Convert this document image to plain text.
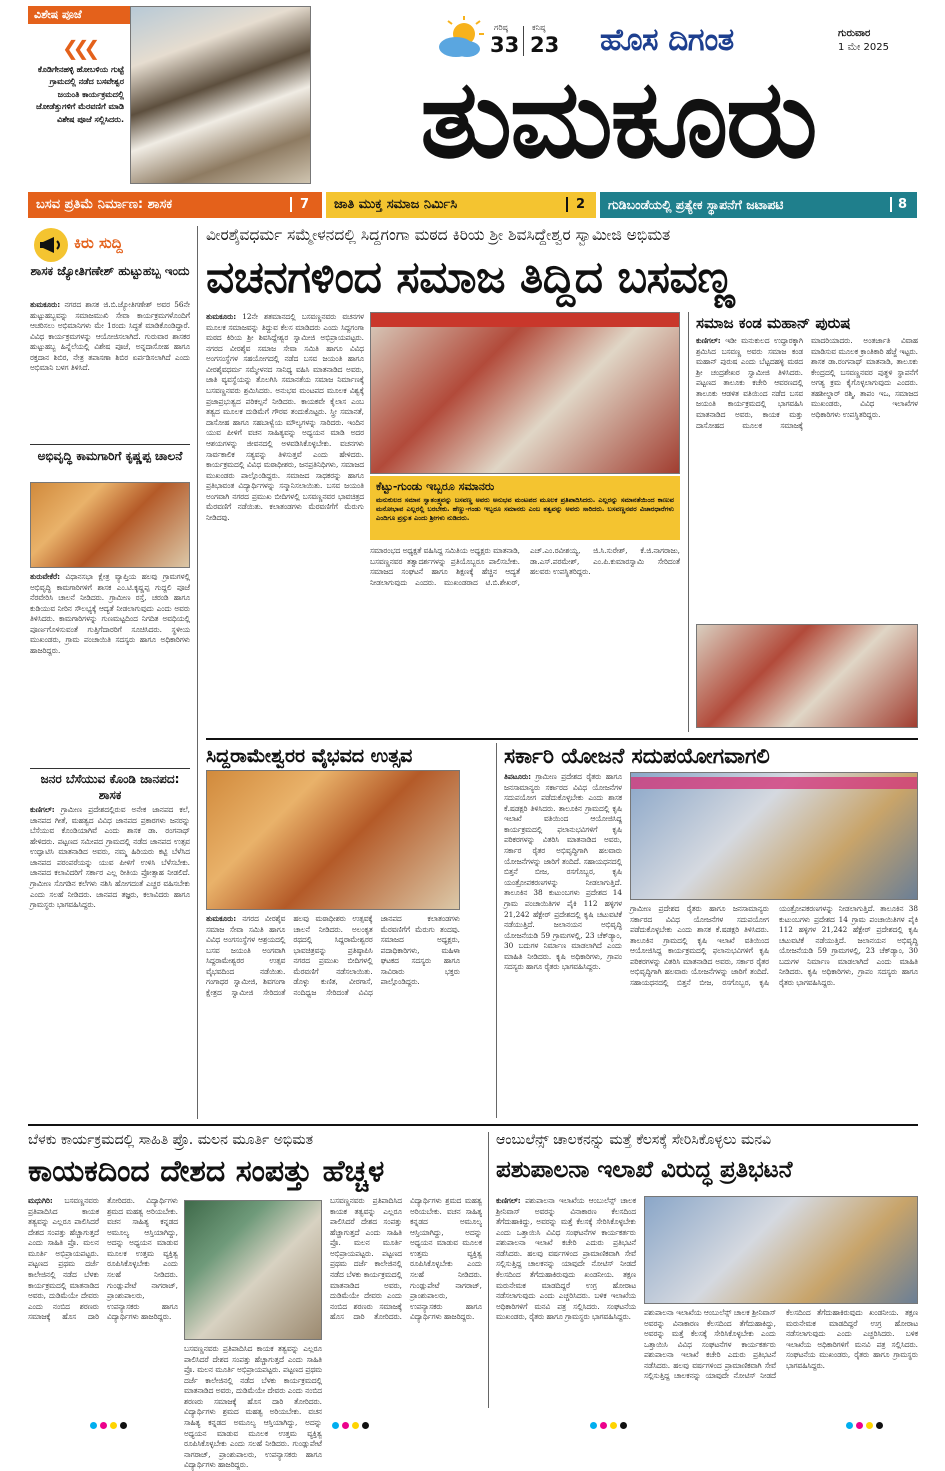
ವಿಶೇಷ ಪೂಜೆ
❮❮❮
ಕೊಡಿಗೇನಹಳ್ಳಿ ಹೋಬಳಿಯ ಗುಟ್ಟೆ ಗ್ರಾಮದಲ್ಲಿ ನಡೆದ ಬಸವೇಶ್ವರ ಜಯಂತಿ ಕಾರ್ಯಕ್ರಮದಲ್ಲಿ ಜೋಡೆತ್ತುಗಳಿಗೆ ಮೆರವಣಿಗೆ ಮಾಡಿ ವಿಶೇಷ ಪೂಜೆ ಸಲ್ಲಿಸಿದರು.
ಗರಿಷ್ಠ
33
ಕನಿಷ್ಠ
23 ಹೊಸ ದಿಗಂತ	ಗುರುವಾರ
1 ಮೇ 2025
ತುಮಕೂರು
ಬಸವ ಪ್ರತಿಮೆ ನಿರ್ಮಾಣ: ಶಾಸಕ	7 ಜಾತಿ ಮುಕ್ತ ಸಮಾಜ ನಿರ್ಮಿಸಿ	2 ಗುಡಿಬಂಡೆಯಲ್ಲಿ ಪ್ರತ್ಯೇಕ ಸ್ಥಾಪನೆಗೆ ಜಟಾಪಟಿ	8
ಕಿರು ಸುದ್ದಿ
ಶಾಸಕ ಜ್ಯೋತಿಗಣೇಶ್ ಹುಟ್ಟುಹಬ್ಬ ಇಂದು
ತುಮಕೂರು: ನಗರದ ಶಾಸಕ ಜಿ.ಬಿ.ಜ್ಯೋತಿಗಣೇಶ್ ಅವರ 56ನೇ ಹುಟ್ಟುಹಬ್ಬವನ್ನು ಸಮಾಜಮುಖಿ ಸೇವಾ ಕಾರ್ಯಕ್ರಮಗಳೊಂದಿಗೆ ಆಚರಿಸಲು ಅಭಿಮಾನಿಗಳು ಮೇ 1ರಂದು ಸಿದ್ಧತೆ ಮಾಡಿಕೊಂಡಿದ್ದಾರೆ. ವಿವಿಧ ಕಾರ್ಯಕ್ರಮಗಳನ್ನು ಆಯೋಜಿಸಲಾಗಿದೆ. ಗುರುವಾರ ಶಾಸಕರ ಹುಟ್ಟುಹಬ್ಬ ಹಿನ್ನೆಲೆಯಲ್ಲಿ ವಿಶೇಷ ಪೂಜೆ, ಅನ್ನದಾಸೋಹ ಹಾಗೂ ರಕ್ತದಾನ ಶಿಬಿರ, ನೇತ್ರ ತಪಾಸಣಾ ಶಿಬಿರ ಏರ್ಪಡಿಸಲಾಗಿದೆ ಎಂದು ಅಭಿಮಾನಿ ಬಳಗ ತಿಳಿಸಿದೆ.
ಅಭಿವೃದ್ಧಿ ಕಾಮಗಾರಿಗೆ ಕೃಷ್ಣಪ್ಪ ಚಾಲನೆ
ತುರುವೇಕೆರೆ: ವಿಧಾನಸಭಾ ಕ್ಷೇತ್ರ ವ್ಯಾಪ್ತಿಯ ಹಲವು ಗ್ರಾಮಗಳಲ್ಲಿ ಅಭಿವೃದ್ಧಿ ಕಾಮಗಾರಿಗಳಿಗೆ ಶಾಸಕ ಎಂ.ಟಿ.ಕೃಷ್ಣಪ್ಪ ಗುದ್ದಲಿ ಪೂಜೆ ನೆರವೇರಿಸಿ ಚಾಲನೆ ನೀಡಿದರು. ಗ್ರಾಮೀಣ ರಸ್ತೆ, ಚರಂಡಿ ಹಾಗೂ ಕುಡಿಯುವ ನೀರಿನ ಸೌಲಭ್ಯಕ್ಕೆ ಆದ್ಯತೆ ನೀಡಲಾಗುವುದು ಎಂದು ಅವರು ತಿಳಿಸಿದರು. ಕಾಮಗಾರಿಗಳನ್ನು ಗುಣಮಟ್ಟದಿಂದ ನಿಗದಿತ ಅವಧಿಯಲ್ಲಿ ಪೂರ್ಣಗೊಳಿಸುವಂತೆ ಗುತ್ತಿಗೆದಾರರಿಗೆ ಸೂಚಿಸಿದರು. ಸ್ಥಳೀಯ ಮುಖಂಡರು, ಗ್ರಾಮ ಪಂಚಾಯಿತಿ ಸದಸ್ಯರು ಹಾಗೂ ಅಧಿಕಾರಿಗಳು ಹಾಜರಿದ್ದರು.
ಜನರ ಬೆಸೆಯುವ ಕೊಂಡಿ ಜಾನಪದ: ಶಾಸಕ
ಕುಣಿಗಲ್: ಗ್ರಾಮೀಣ ಪ್ರದೇಶದಲ್ಲಿರುವ ಅನೇಕ ಜಾನಪದ ಕಲೆ, ಜಾನಪದ ಗೀತೆ, ಮಹತ್ವದ ವಿವಿಧ ಜಾನಪದ ಪ್ರಕಾರಗಳು ಜನರನ್ನು ಬೆಸೆಯುವ ಕೊಂಡಿಯಾಗಿವೆ ಎಂದು ಶಾಸಕ ಡಾ. ರಂಗನಾಥ್ ಹೇಳಿದರು. ಪಟ್ಟಣದ ಸಮೀಪದ ಗ್ರಾಮದಲ್ಲಿ ನಡೆದ ಜಾನಪದ ಉತ್ಸವ ಉದ್ಘಾಟಿಸಿ ಮಾತನಾಡಿದ ಅವರು, ನಮ್ಮ ಹಿರಿಯರು ಕಟ್ಟಿ ಬೆಳೆಸಿದ ಜಾನಪದ ಪರಂಪರೆಯನ್ನು ಯುವ ಪೀಳಿಗೆ ಉಳಿಸಿ ಬೆಳೆಸಬೇಕು. ಜಾನಪದ ಕಲಾವಿದರಿಗೆ ಸರ್ಕಾರ ಎಲ್ಲ ರೀತಿಯ ಪ್ರೋತ್ಸಾಹ ನೀಡಲಿದೆ. ಗ್ರಾಮೀಣ ಸೊಗಡಿನ ಕಲೆಗಳು ನಶಿಸಿ ಹೋಗದಂತೆ ಎಚ್ಚರ ವಹಿಸಬೇಕು ಎಂದು ಸಲಹೆ ನೀಡಿದರು. ಜಾನಪದ ತಜ್ಞರು, ಕಲಾವಿದರು ಹಾಗೂ ಗ್ರಾಮಸ್ಥರು ಭಾಗವಹಿಸಿದ್ದರು.
ವೀರಶೈವಧರ್ಮ ಸಮ್ಮೇಳನದಲ್ಲಿ ಸಿದ್ದಗಂಗಾ ಮಠದ ಕಿರಿಯ ಶ್ರೀ ಶಿವಸಿದ್ದೇಶ್ವರ ಸ್ವಾಮೀಜಿ ಅಭಿಮತ
ವಚನಗಳಿಂದ ಸಮಾಜ ತಿದ್ದಿದ ಬಸವಣ್ಣ
ತುಮಕೂರು: 12ನೇ ಶತಮಾನದಲ್ಲಿ ಬಸವಣ್ಣನವರು ವಚನಗಳ ಮೂಲಕ ಸಮಾಜವನ್ನು ತಿದ್ದುವ ಕೆಲಸ ಮಾಡಿದರು ಎಂದು ಸಿದ್ದಗಂಗಾ ಮಠದ ಕಿರಿಯ ಶ್ರೀ ಶಿವಸಿದ್ದೇಶ್ವರ ಸ್ವಾಮೀಜಿ ಅಭಿಪ್ರಾಯಪಟ್ಟರು. ನಗರದ ವೀರಶೈವ ಸಮಾಜ ಸೇವಾ ಸಮಿತಿ ಹಾಗೂ ವಿವಿಧ ಅಂಗಸಂಸ್ಥೆಗಳ ಸಹಯೋಗದಲ್ಲಿ ನಡೆದ ಬಸವ ಜಯಂತಿ ಹಾಗೂ ವೀರಶೈವಧರ್ಮ ಸಮ್ಮೇಳನದ ಸಾನಿಧ್ಯ ವಹಿಸಿ ಮಾತನಾಡಿದ ಅವರು, ಜಾತಿ ವ್ಯವಸ್ಥೆಯನ್ನು ತೊಲಗಿಸಿ ಸಮಾನತೆಯ ಸಮಾಜ ನಿರ್ಮಾಣಕ್ಕೆ ಬಸವಣ್ಣನವರು ಶ್ರಮಿಸಿದರು. ಅನುಭವ ಮಂಟಪದ ಮೂಲಕ ವಿಶ್ವಕ್ಕೆ ಪ್ರಜಾಪ್ರಭುತ್ವದ ಪರಿಕಲ್ಪನೆ ನೀಡಿದರು. ಕಾಯಕವೇ ಕೈಲಾಸ ಎಂಬ ತತ್ವದ ಮೂಲಕ ದುಡಿಮೆಗೆ ಗೌರವ ತಂದುಕೊಟ್ಟರು. ಸ್ತ್ರೀ ಸಮಾನತೆ, ದಾಸೋಹ ಹಾಗೂ ಸಹಬಾಳ್ವೆಯ ಮೌಲ್ಯಗಳನ್ನು ಸಾರಿದರು. ಇಂದಿನ ಯುವ ಪೀಳಿಗೆ ವಚನ ಸಾಹಿತ್ಯವನ್ನು ಅಧ್ಯಯನ ಮಾಡಿ ಅದರ ಆಶಯಗಳನ್ನು ಜೀವನದಲ್ಲಿ ಅಳವಡಿಸಿಕೊಳ್ಳಬೇಕು. ವಚನಗಳು ಸಾರ್ವಕಾಲಿಕ ಸತ್ಯವನ್ನು ತಿಳಿಸುತ್ತವೆ ಎಂದು ಹೇಳಿದರು. ಕಾರ್ಯಕ್ರಮದಲ್ಲಿ ವಿವಿಧ ಮಠಾಧೀಶರು, ಜನಪ್ರತಿನಿಧಿಗಳು, ಸಮಾಜದ ಮುಖಂಡರು ಪಾಲ್ಗೊಂಡಿದ್ದರು. ಸಮಾಜದ ಸಾಧಕರನ್ನು ಹಾಗೂ ಪ್ರತಿಭಾವಂತ ವಿದ್ಯಾರ್ಥಿಗಳನ್ನು ಸನ್ಮಾನಿಸಲಾಯಿತು. ಬಸವ ಜಯಂತಿ ಅಂಗವಾಗಿ ನಗರದ ಪ್ರಮುಖ ಬೀದಿಗಳಲ್ಲಿ ಬಸವಣ್ಣನವರ ಭಾವಚಿತ್ರದ ಮೆರವಣಿಗೆ ನಡೆಯಿತು. ಕಲಾತಂಡಗಳು ಮೆರವಣಿಗೆಗೆ ಮೆರುಗು ನೀಡಿದವು.
ಕೆಟ್ಟು-ಗುಂಡು ಇಬ್ಬರೂ ಸಮಾನರು
ಮನುಕುಲದ ಸಮಾನ ಸ್ವಾತಂತ್ರ್ಯವನ್ನು ಬಸವಣ್ಣ ಅವರು ಅನುಭವ ಮಂಟಪದ ಮೂಲಕ ಪ್ರತಿಪಾದಿಸಿದರು. ಎಲ್ಲರನ್ನು ಸಮಾನತೆಯಿಂದ ಕಾಣುವ ಮನೋಭಾವ ಎಲ್ಲರಲ್ಲಿ ಬರಬೇಕು. ಹೆಣ್ಣು-ಗಂಡು ಇಬ್ಬರೂ ಸಮಾನರು ಎಂಬ ತತ್ವವನ್ನು ಅವರು ಸಾರಿದರು. ಬಸವಣ್ಣನವರ ವಿಚಾರಧಾರೆಗಳು ಎಂದಿಗೂ ಪ್ರಸ್ತುತ ಎಂದು ಶ್ರೀಗಳು ನುಡಿದರು.
ಸಮಾರಂಭದ ಅಧ್ಯಕ್ಷತೆ ವಹಿಸಿದ್ದ ಸಮಿತಿಯ ಅಧ್ಯಕ್ಷರು ಮಾತನಾಡಿ, ಬಸವಣ್ಣನವರ ತತ್ವಾದರ್ಶಗಳನ್ನು ಪ್ರತಿಯೊಬ್ಬರೂ ಪಾಲಿಸಬೇಕು. ಸಮಾಜದ ಸಂಘಟನೆ ಹಾಗೂ ಶಿಕ್ಷಣಕ್ಕೆ ಹೆಚ್ಚಿನ ಆದ್ಯತೆ ನೀಡಲಾಗುವುದು ಎಂದರು. ಮುಖಂಡರಾದ ಟಿ.ಬಿ.ಶೇಖರ್, ಎಚ್.ಎಂ.ರವೀಶಯ್ಯ, ಜಿ.ಸಿ.ಸುರೇಶ್, ಕೆ.ಜಿ.ನಾಗರಾಜು, ಡಾ.ಎಸ್.ಪರಮೇಶ್, ಎಂ.ಪಿ.ಕುಮಾರಸ್ವಾಮಿ ಸೇರಿದಂತೆ ಹಲವರು ಉಪಸ್ಥಿತರಿದ್ದರು.
ಸಮಾಜ ಕಂಡ ಮಹಾನ್ ಪುರುಷ
ಕುಣಿಗಲ್: ಇಡೀ ಮನುಕುಲದ ಉದ್ಧಾರಕ್ಕಾಗಿ ಶ್ರಮಿಸಿದ ಬಸವಣ್ಣ ಅವರು ಸಮಾಜ ಕಂಡ ಮಹಾನ್ ಪುರುಷ ಎಂದು ಬೆಟ್ಟದಹಳ್ಳಿ ಮಠದ ಶ್ರೀ ಚಂದ್ರಶೇಖರ ಸ್ವಾಮೀಜಿ ತಿಳಿಸಿದರು. ಪಟ್ಟಣದ ತಾಲೂಕು ಕಚೇರಿ ಆವರಣದಲ್ಲಿ ತಾಲೂಕು ಆಡಳಿತ ವತಿಯಿಂದ ನಡೆದ ಬಸವ ಜಯಂತಿ ಕಾರ್ಯಕ್ರಮದಲ್ಲಿ ಭಾಗವಹಿಸಿ ಮಾತನಾಡಿದ ಅವರು, ಕಾಯಕ ಮತ್ತು ದಾಸೋಹದ ಮೂಲಕ ಸಮಾಜಕ್ಕೆ ಮಾದರಿಯಾದರು. ಅಂತರ್ಜಾತಿ ವಿವಾಹ ಮಾಡಿಸುವ ಮೂಲಕ ಕ್ರಾಂತಿಕಾರಿ ಹೆಜ್ಜೆ ಇಟ್ಟರು. ಶಾಸಕ ಡಾ.ರಂಗನಾಥ್ ಮಾತನಾಡಿ, ತಾಲೂಕು ಕೇಂದ್ರದಲ್ಲಿ ಬಸವಣ್ಣನವರ ಪುತ್ಥಳಿ ಸ್ಥಾಪನೆಗೆ ಅಗತ್ಯ ಕ್ರಮ ಕೈಗೊಳ್ಳಲಾಗುವುದು ಎಂದರು. ತಹಶೀಲ್ದಾರ್ ರಶ್ಮಿ, ತಾಪಂ ಇಒ, ಸಮಾಜದ ಮುಖಂಡರು, ವಿವಿಧ ಇಲಾಖೆಗಳ ಅಧಿಕಾರಿಗಳು ಉಪಸ್ಥಿತರಿದ್ದರು.
ಸಿದ್ದರಾಮೇಶ್ವರರ ವೈಭವದ ಉತ್ಸವ
ತುಮಕೂರು: ನಗರದ ವೀರಶೈವ ಸಮಾಜ ಸೇವಾ ಸಮಿತಿ ಹಾಗೂ ವಿವಿಧ ಅಂಗಸಂಸ್ಥೆಗಳ ಆಶ್ರಯದಲ್ಲಿ ಬಸವ ಜಯಂತಿ ಅಂಗವಾಗಿ ಸಿದ್ದರಾಮೇಶ್ವರರ ಉತ್ಸವ ವೈಭವದಿಂದ ನಡೆಯಿತು. ಗಂಗಾಧರ ಸ್ವಾಮೀಜಿ, ಶಿವಗಂಗಾ ಕ್ಷೇತ್ರದ ಸ್ವಾಮೀಜಿ ಸೇರಿದಂತೆ ಹಲವು ಮಠಾಧೀಶರು ಉತ್ಸವಕ್ಕೆ ಚಾಲನೆ ನೀಡಿದರು. ಅಲಂಕೃತ ರಥದಲ್ಲಿ ಸಿದ್ದರಾಮೇಶ್ವರರ ಭಾವಚಿತ್ರವನ್ನು ಪ್ರತಿಷ್ಠಾಪಿಸಿ ನಗರದ ಪ್ರಮುಖ ಬೀದಿಗಳಲ್ಲಿ ಮೆರವಣಿಗೆ ನಡೆಸಲಾಯಿತು. ಡೊಳ್ಳು ಕುಣಿತ, ವೀರಗಾಸೆ, ನಂದಿಧ್ವಜ ಸೇರಿದಂತೆ ವಿವಿಧ ಜಾನಪದ ಕಲಾತಂಡಗಳು ಮೆರವಣಿಗೆಗೆ ಮೆರುಗು ತಂದವು. ಸಮಾಜದ ಅಧ್ಯಕ್ಷರು, ಪದಾಧಿಕಾರಿಗಳು, ಮಹಿಳಾ ಘಟಕದ ಸದಸ್ಯರು ಹಾಗೂ ಸಾವಿರಾರು ಭಕ್ತರು ಪಾಲ್ಗೊಂಡಿದ್ದರು.
ಸರ್ಕಾರಿ ಯೋಜನೆ ಸದುಪಯೋಗವಾಗಲಿ
ತಿಪಟೂರು: ಗ್ರಾಮೀಣ ಪ್ರದೇಶದ ರೈತರು ಹಾಗೂ ಜನಸಾಮಾನ್ಯರು ಸರ್ಕಾರದ ವಿವಿಧ ಯೋಜನೆಗಳ ಸದುಪಯೋಗ ಪಡೆದುಕೊಳ್ಳಬೇಕು ಎಂದು ಶಾಸಕ ಕೆ.ಷಡಕ್ಷರಿ ತಿಳಿಸಿದರು. ತಾಲೂಕಿನ ಗ್ರಾಮದಲ್ಲಿ ಕೃಷಿ ಇಲಾಖೆ ವತಿಯಿಂದ ಆಯೋಜಿಸಿದ್ದ ಕಾರ್ಯಕ್ರಮದಲ್ಲಿ ಫಲಾನುಭವಿಗಳಿಗೆ ಕೃಷಿ ಪರಿಕರಗಳನ್ನು ವಿತರಿಸಿ ಮಾತನಾಡಿದ ಅವರು, ಸರ್ಕಾರ ರೈತರ ಅಭಿವೃದ್ಧಿಗಾಗಿ ಹಲವಾರು ಯೋಜನೆಗಳನ್ನು ಜಾರಿಗೆ ತಂದಿದೆ. ಸಹಾಯಧನದಲ್ಲಿ ಬಿತ್ತನೆ ಬೀಜ, ರಸಗೊಬ್ಬರ, ಕೃಷಿ ಯಂತ್ರೋಪಕರಣಗಳನ್ನು ನೀಡಲಾಗುತ್ತಿದೆ. ತಾಲೂಕಿನ 38 ಕುಟುಂಬಗಳು ಪ್ರದೇಶದ 14 ಗ್ರಾಮ ಪಂಚಾಯಿತಿಗಳ ಪೈಕಿ 112 ಹಳ್ಳಿಗಳ 21,242 ಹೆಕ್ಟೇರ್ ಪ್ರದೇಶದಲ್ಲಿ ಕೃಷಿ ಚಟುವಟಿಕೆ ನಡೆಯುತ್ತಿದೆ. ಜಲಾನಯನ ಅಭಿವೃದ್ಧಿ ಯೋಜನೆಯಡಿ 59 ಗ್ರಾಮಗಳಲ್ಲಿ, 23 ಚೆಕ್‌ಡ್ಯಾಂ, 30 ಬದುಗಳ ನಿರ್ಮಾಣ ಮಾಡಲಾಗಿದೆ ಎಂದು ಮಾಹಿತಿ ನೀಡಿದರು. ಕೃಷಿ ಅಧಿಕಾರಿಗಳು, ಗ್ರಾಪಂ ಸದಸ್ಯರು ಹಾಗೂ ರೈತರು ಭಾಗವಹಿಸಿದ್ದರು.
ಗ್ರಾಮೀಣ ಪ್ರದೇಶದ ರೈತರು ಹಾಗೂ ಜನಸಾಮಾನ್ಯರು ಸರ್ಕಾರದ ವಿವಿಧ ಯೋಜನೆಗಳ ಸದುಪಯೋಗ ಪಡೆದುಕೊಳ್ಳಬೇಕು ಎಂದು ಶಾಸಕ ಕೆ.ಷಡಕ್ಷರಿ ತಿಳಿಸಿದರು. ತಾಲೂಕಿನ ಗ್ರಾಮದಲ್ಲಿ ಕೃಷಿ ಇಲಾಖೆ ವತಿಯಿಂದ ಆಯೋಜಿಸಿದ್ದ ಕಾರ್ಯಕ್ರಮದಲ್ಲಿ ಫಲಾನುಭವಿಗಳಿಗೆ ಕೃಷಿ ಪರಿಕರಗಳನ್ನು ವಿತರಿಸಿ ಮಾತನಾಡಿದ ಅವರು, ಸರ್ಕಾರ ರೈತರ ಅಭಿವೃದ್ಧಿಗಾಗಿ ಹಲವಾರು ಯೋಜನೆಗಳನ್ನು ಜಾರಿಗೆ ತಂದಿದೆ. ಸಹಾಯಧನದಲ್ಲಿ ಬಿತ್ತನೆ ಬೀಜ, ರಸಗೊಬ್ಬರ, ಕೃಷಿ ಯಂತ್ರೋಪಕರಣಗಳನ್ನು ನೀಡಲಾಗುತ್ತಿದೆ. ತಾಲೂಕಿನ 38 ಕುಟುಂಬಗಳು ಪ್ರದೇಶದ 14 ಗ್ರಾಮ ಪಂಚಾಯಿತಿಗಳ ಪೈಕಿ 112 ಹಳ್ಳಿಗಳ 21,242 ಹೆಕ್ಟೇರ್ ಪ್ರದೇಶದಲ್ಲಿ ಕೃಷಿ ಚಟುವಟಿಕೆ ನಡೆಯುತ್ತಿದೆ. ಜಲಾನಯನ ಅಭಿವೃದ್ಧಿ ಯೋಜನೆಯಡಿ 59 ಗ್ರಾಮಗಳಲ್ಲಿ, 23 ಚೆಕ್‌ಡ್ಯಾಂ, 30 ಬದುಗಳ ನಿರ್ಮಾಣ ಮಾಡಲಾಗಿದೆ ಎಂದು ಮಾಹಿತಿ ನೀಡಿದರು. ಕೃಷಿ ಅಧಿಕಾರಿಗಳು, ಗ್ರಾಪಂ ಸದಸ್ಯರು ಹಾಗೂ ರೈತರು ಭಾಗವಹಿಸಿದ್ದರು.
ಬೆಳಕು ಕಾರ್ಯಕ್ರಮದಲ್ಲಿ ಸಾಹಿತಿ ಪ್ರೊ. ಮಲನ ಮೂರ್ತಿ ಅಭಿಮತ
ಕಾಯಕದಿಂದ ದೇಶದ ಸಂಪತ್ತು ಹೆಚ್ಚಳ
ಮಧುಗಿರಿ: ಬಸವಣ್ಣನವರು ಪ್ರತಿಪಾದಿಸಿದ ಕಾಯಕ ತತ್ವವನ್ನು ಎಲ್ಲರೂ ಪಾಲಿಸಿದರೆ ದೇಶದ ಸಂಪತ್ತು ಹೆಚ್ಚಾಗುತ್ತದೆ ಎಂದು ಸಾಹಿತಿ ಪ್ರೊ. ಮಲನ ಮೂರ್ತಿ ಅಭಿಪ್ರಾಯಪಟ್ಟರು. ಪಟ್ಟಣದ ಪ್ರಥಮ ದರ್ಜೆ ಕಾಲೇಜಿನಲ್ಲಿ ನಡೆದ ಬೆಳಕು ಕಾರ್ಯಕ್ರಮದಲ್ಲಿ ಮಾತನಾಡಿದ ಅವರು, ದುಡಿಮೆಯೇ ದೇವರು ಎಂದು ನಂಬಿದ ಶರಣರು ಸಮಾಜಕ್ಕೆ ಹೊಸ ದಾರಿ ತೋರಿದರು. ವಿದ್ಯಾರ್ಥಿಗಳು ಶ್ರಮದ ಮಹತ್ವ ಅರಿಯಬೇಕು. ವಚನ ಸಾಹಿತ್ಯ ಕನ್ನಡದ ಅಮೂಲ್ಯ ಆಸ್ತಿಯಾಗಿದ್ದು, ಅದನ್ನು ಅಧ್ಯಯನ ಮಾಡುವ ಮೂಲಕ ಉತ್ತಮ ವ್ಯಕ್ತಿತ್ವ ರೂಪಿಸಿಕೊಳ್ಳಬೇಕು ಎಂದು ಸಲಹೆ ನೀಡಿದರು. ಗುಂಡ್ಲುಪೇಟೆ ನಾಗರಾಜ್, ಪ್ರಾಂಶುಪಾಲರು, ಉಪನ್ಯಾಸಕರು ಹಾಗೂ ವಿದ್ಯಾರ್ಥಿಗಳು ಹಾಜರಿದ್ದರು.
ಬಸವಣ್ಣನವರು ಪ್ರತಿಪಾದಿಸಿದ ಕಾಯಕ ತತ್ವವನ್ನು ಎಲ್ಲರೂ ಪಾಲಿಸಿದರೆ ದೇಶದ ಸಂಪತ್ತು ಹೆಚ್ಚಾಗುತ್ತದೆ ಎಂದು ಸಾಹಿತಿ ಪ್ರೊ. ಮಲನ ಮೂರ್ತಿ ಅಭಿಪ್ರಾಯಪಟ್ಟರು. ಪಟ್ಟಣದ ಪ್ರಥಮ ದರ್ಜೆ ಕಾಲೇಜಿನಲ್ಲಿ ನಡೆದ ಬೆಳಕು ಕಾರ್ಯಕ್ರಮದಲ್ಲಿ ಮಾತನಾಡಿದ ಅವರು, ದುಡಿಮೆಯೇ ದೇವರು ಎಂದು ನಂಬಿದ ಶರಣರು ಸಮಾಜಕ್ಕೆ ಹೊಸ ದಾರಿ ತೋರಿದರು. ವಿದ್ಯಾರ್ಥಿಗಳು ಶ್ರಮದ ಮಹತ್ವ ಅರಿಯಬೇಕು. ವಚನ ಸಾಹಿತ್ಯ ಕನ್ನಡದ ಅಮೂಲ್ಯ ಆಸ್ತಿಯಾಗಿದ್ದು, ಅದನ್ನು ಅಧ್ಯಯನ ಮಾಡುವ ಮೂಲಕ ಉತ್ತಮ ವ್ಯಕ್ತಿತ್ವ ರೂಪಿಸಿಕೊಳ್ಳಬೇಕು ಎಂದು ಸಲಹೆ ನೀಡಿದರು. ಗುಂಡ್ಲುಪೇಟೆ ನಾಗರಾಜ್, ಪ್ರಾಂಶುಪಾಲರು, ಉಪನ್ಯಾಸಕರು ಹಾಗೂ ವಿದ್ಯಾರ್ಥಿಗಳು ಹಾಜರಿದ್ದರು.
ಬಸವಣ್ಣನವರು ಪ್ರತಿಪಾದಿಸಿದ ಕಾಯಕ ತತ್ವವನ್ನು ಎಲ್ಲರೂ ಪಾಲಿಸಿದರೆ ದೇಶದ ಸಂಪತ್ತು ಹೆಚ್ಚಾಗುತ್ತದೆ ಎಂದು ಸಾಹಿತಿ ಪ್ರೊ. ಮಲನ ಮೂರ್ತಿ ಅಭಿಪ್ರಾಯಪಟ್ಟರು. ಪಟ್ಟಣದ ಪ್ರಥಮ ದರ್ಜೆ ಕಾಲೇಜಿನಲ್ಲಿ ನಡೆದ ಬೆಳಕು ಕಾರ್ಯಕ್ರಮದಲ್ಲಿ ಮಾತನಾಡಿದ ಅವರು, ದುಡಿಮೆಯೇ ದೇವರು ಎಂದು ನಂಬಿದ ಶರಣರು ಸಮಾಜಕ್ಕೆ ಹೊಸ ದಾರಿ ತೋರಿದರು. ವಿದ್ಯಾರ್ಥಿಗಳು ಶ್ರಮದ ಮಹತ್ವ ಅರಿಯಬೇಕು. ವಚನ ಸಾಹಿತ್ಯ ಕನ್ನಡದ ಅಮೂಲ್ಯ ಆಸ್ತಿಯಾಗಿದ್ದು, ಅದನ್ನು ಅಧ್ಯಯನ ಮಾಡುವ ಮೂಲಕ ಉತ್ತಮ ವ್ಯಕ್ತಿತ್ವ ರೂಪಿಸಿಕೊಳ್ಳಬೇಕು ಎಂದು ಸಲಹೆ ನೀಡಿದರು. ಗುಂಡ್ಲುಪೇಟೆ ನಾಗರಾಜ್, ಪ್ರಾಂಶುಪಾಲರು, ಉಪನ್ಯಾಸಕರು ಹಾಗೂ ವಿದ್ಯಾರ್ಥಿಗಳು ಹಾಜರಿದ್ದರು.
ಆಂಬುಲೆನ್ಸ್ ಚಾಲಕನನ್ನು ಮತ್ತೆ ಕೆಲಸಕ್ಕೆ ಸೇರಿಸಿಕೊಳ್ಳಲು ಮನವಿ
ಪಶುಪಾಲನಾ ಇಲಾಖೆ ವಿರುದ್ಧ ಪ್ರತಿಭಟನೆ
ಕುಣಿಗಲ್: ಪಶುಪಾಲನಾ ಇಲಾಖೆಯ ಆಂಬುಲೆನ್ಸ್ ಚಾಲಕ ಶ್ರೀನಿವಾಸ್ ಅವರನ್ನು ವಿನಾಕಾರಣ ಕೆಲಸದಿಂದ ತೆಗೆದುಹಾಕಿದ್ದು, ಅವರನ್ನು ಮತ್ತೆ ಕೆಲಸಕ್ಕೆ ಸೇರಿಸಿಕೊಳ್ಳಬೇಕು ಎಂದು ಒತ್ತಾಯಿಸಿ ವಿವಿಧ ಸಂಘಟನೆಗಳ ಕಾರ್ಯಕರ್ತರು ಪಶುಪಾಲನಾ ಇಲಾಖೆ ಕಚೇರಿ ಎದುರು ಪ್ರತಿಭಟನೆ ನಡೆಸಿದರು. ಹಲವು ವರ್ಷಗಳಿಂದ ಪ್ರಾಮಾಣಿಕವಾಗಿ ಸೇವೆ ಸಲ್ಲಿಸುತ್ತಿದ್ದ ಚಾಲಕನನ್ನು ಯಾವುದೇ ನೋಟಿಸ್ ನೀಡದೆ ಕೆಲಸದಿಂದ ತೆಗೆದುಹಾಕಿರುವುದು ಖಂಡನೀಯ. ತಕ್ಷಣ ಮರುನೇಮಕ ಮಾಡದಿದ್ದರೆ ಉಗ್ರ ಹೋರಾಟ ನಡೆಸಲಾಗುವುದು ಎಂದು ಎಚ್ಚರಿಸಿದರು. ಬಳಿಕ ಇಲಾಖೆಯ ಅಧಿಕಾರಿಗಳಿಗೆ ಮನವಿ ಪತ್ರ ಸಲ್ಲಿಸಿದರು. ಸಂಘಟನೆಯ ಮುಖಂಡರು, ರೈತರು ಹಾಗೂ ಗ್ರಾಮಸ್ಥರು ಭಾಗವಹಿಸಿದ್ದರು.	ಪಶುಪಾಲನಾ ಇಲಾಖೆಯ ಆಂಬುಲೆನ್ಸ್ ಚಾಲಕ ಶ್ರೀನಿವಾಸ್ ಅವರನ್ನು ವಿನಾಕಾರಣ ಕೆಲಸದಿಂದ ತೆಗೆದುಹಾಕಿದ್ದು, ಅವರನ್ನು ಮತ್ತೆ ಕೆಲಸಕ್ಕೆ ಸೇರಿಸಿಕೊಳ್ಳಬೇಕು ಎಂದು ಒತ್ತಾಯಿಸಿ ವಿವಿಧ ಸಂಘಟನೆಗಳ ಕಾರ್ಯಕರ್ತರು ಪಶುಪಾಲನಾ ಇಲಾಖೆ ಕಚೇರಿ ಎದುರು ಪ್ರತಿಭಟನೆ ನಡೆಸಿದರು. ಹಲವು ವರ್ಷಗಳಿಂದ ಪ್ರಾಮಾಣಿಕವಾಗಿ ಸೇವೆ ಸಲ್ಲಿಸುತ್ತಿದ್ದ ಚಾಲಕನನ್ನು ಯಾವುದೇ ನೋಟಿಸ್ ನೀಡದೆ ಕೆಲಸದಿಂದ ತೆಗೆದುಹಾಕಿರುವುದು ಖಂಡನೀಯ. ತಕ್ಷಣ ಮರುನೇಮಕ ಮಾಡದಿದ್ದರೆ ಉಗ್ರ ಹೋರಾಟ ನಡೆಸಲಾಗುವುದು ಎಂದು ಎಚ್ಚರಿಸಿದರು. ಬಳಿಕ ಇಲಾಖೆಯ ಅಧಿಕಾರಿಗಳಿಗೆ ಮನವಿ ಪತ್ರ ಸಲ್ಲಿಸಿದರು. ಸಂಘಟನೆಯ ಮುಖಂಡರು, ರೈತರು ಹಾಗೂ ಗ್ರಾಮಸ್ಥರು ಭಾಗವಹಿಸಿದ್ದರು.
